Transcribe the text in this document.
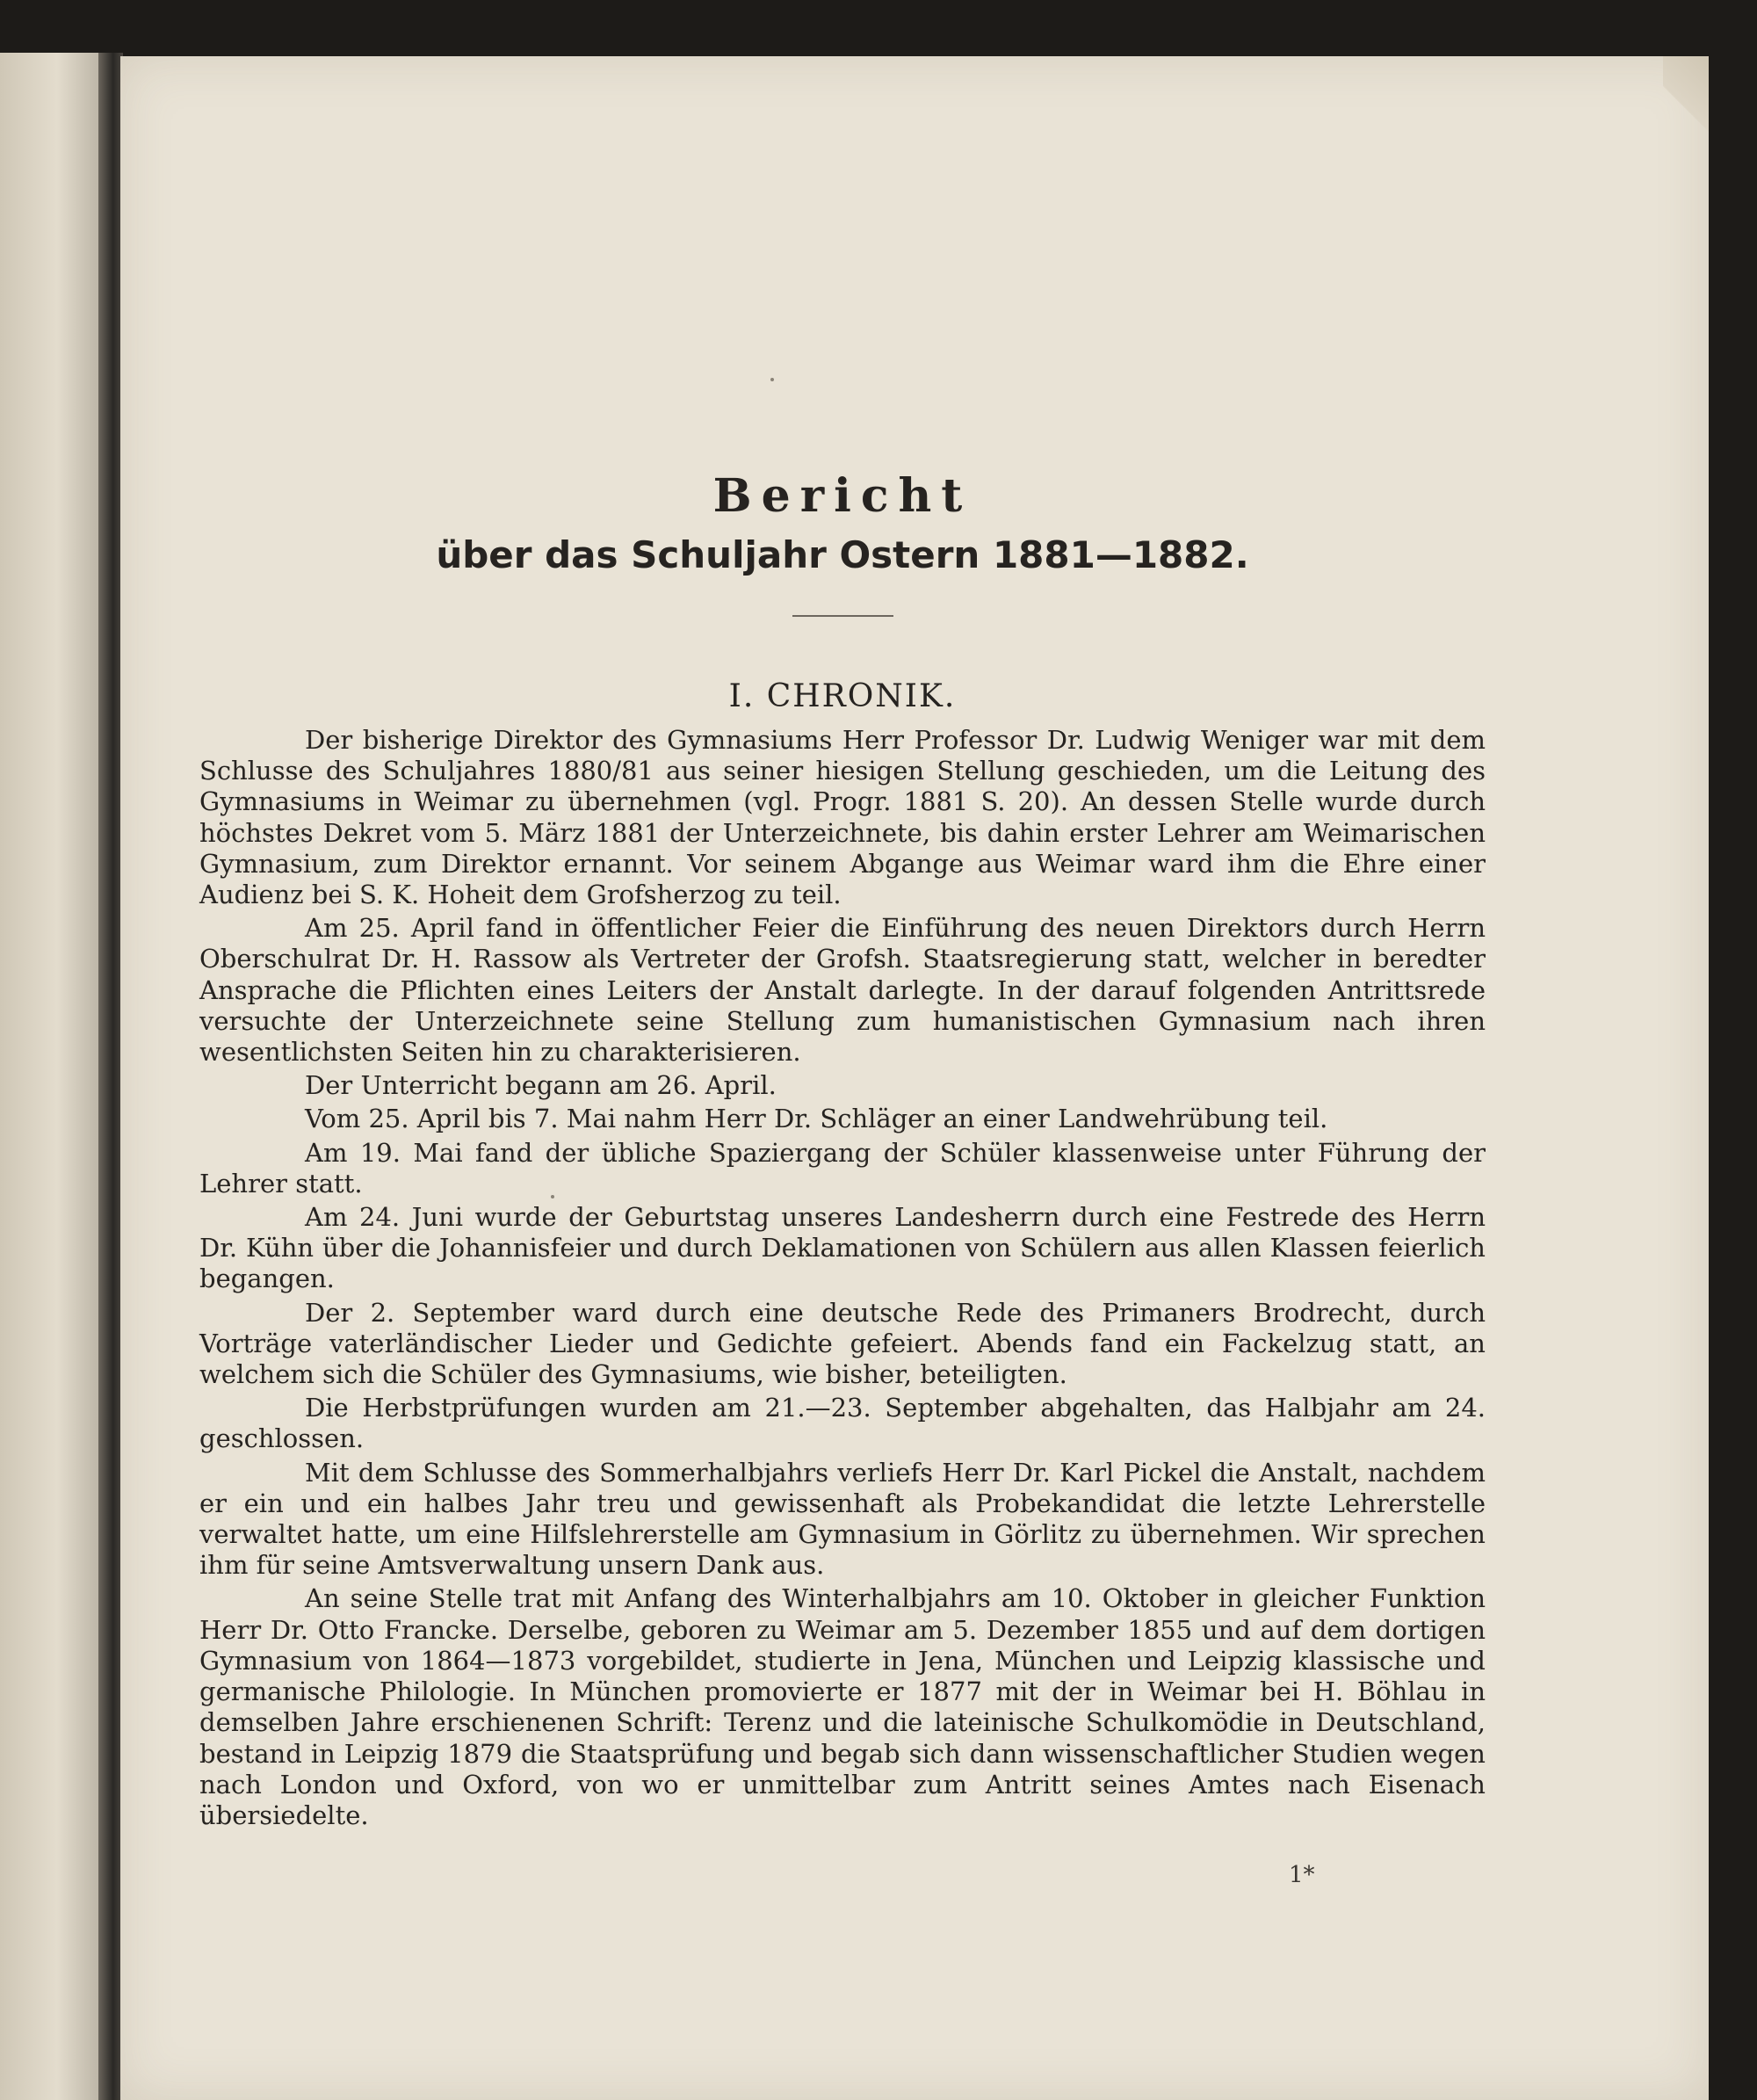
Bericht
über das Schuljahr Ostern 1881—1882.
I. CHRONIK.

Der bisherige Direktor des Gymnasiums Herr Professor Dr. Ludwig Weniger war mit dem Schlusse des Schuljahres 1880/81 aus seiner hiesigen Stellung geschieden, um die Leitung des Gymnasiums in Weimar zu übernehmen (vgl. Progr. 1881 S. 20). An dessen Stelle wurde durch höchstes Dekret vom 5. März 1881 der Unterzeichnete, bis dahin erster Lehrer am Weimarischen Gymnasium, zum Direktor ernannt. Vor seinem Abgange aus Weimar ward ihm die Ehre einer Audienz bei S. K. Hoheit dem Grofsherzog zu teil.

Am 25. April fand in öffentlicher Feier die Einführung des neuen Direktors durch Herrn Oberschulrat Dr. H. Rassow als Vertreter der Grofsh. Staatsregierung statt, welcher in beredter Ansprache die Pflichten eines Leiters der Anstalt darlegte. In der darauf folgenden Antrittsrede versuchte der Unterzeichnete seine Stellung zum humanistischen Gymnasium nach ihren wesentlichsten Seiten hin zu charakterisieren.

Der Unterricht begann am 26. April.

Vom 25. April bis 7. Mai nahm Herr Dr. Schläger an einer Landwehrübung teil.

Am 19. Mai fand der übliche Spaziergang der Schüler klassenweise unter Führung der Lehrer statt.

Am 24. Juni wurde der Geburtstag unseres Landesherrn durch eine Festrede des Herrn Dr. Kühn über die Johannisfeier und durch Deklamationen von Schülern aus allen Klassen feierlich begangen.

Der 2. September ward durch eine deutsche Rede des Primaners Brodrecht, durch Vorträge vaterländischer Lieder und Gedichte gefeiert. Abends fand ein Fackelzug statt, an welchem sich die Schüler des Gymnasiums, wie bisher, beteiligten.

Die Herbstprüfungen wurden am 21.—23. September abgehalten, das Halbjahr am 24. geschlossen.

Mit dem Schlusse des Sommerhalbjahrs verliefs Herr Dr. Karl Pickel die Anstalt, nachdem er ein und ein halbes Jahr treu und gewissenhaft als Probekandidat die letzte Lehrerstelle verwaltet hatte, um eine Hilfslehrerstelle am Gymnasium in Görlitz zu übernehmen. Wir sprechen ihm für seine Amtsverwaltung unsern Dank aus.

An seine Stelle trat mit Anfang des Winterhalbjahrs am 10. Oktober in gleicher Funktion Herr Dr. Otto Francke. Derselbe, geboren zu Weimar am 5. Dezember 1855 und auf dem dortigen Gymnasium von 1864—1873 vorgebildet, studierte in Jena, München und Leipzig klassische und germanische Philologie. In München promovierte er 1877 mit der in Weimar bei H. Böhlau in demselben Jahre erschienenen Schrift: Terenz und die lateinische Schulkomödie in Deutschland, bestand in Leipzig 1879 die Staatsprüfung und begab sich dann wissenschaftlicher Studien wegen nach London und Oxford, von wo er unmittelbar zum Antritt seines Amtes nach Eisenach übersiedelte.

1*
